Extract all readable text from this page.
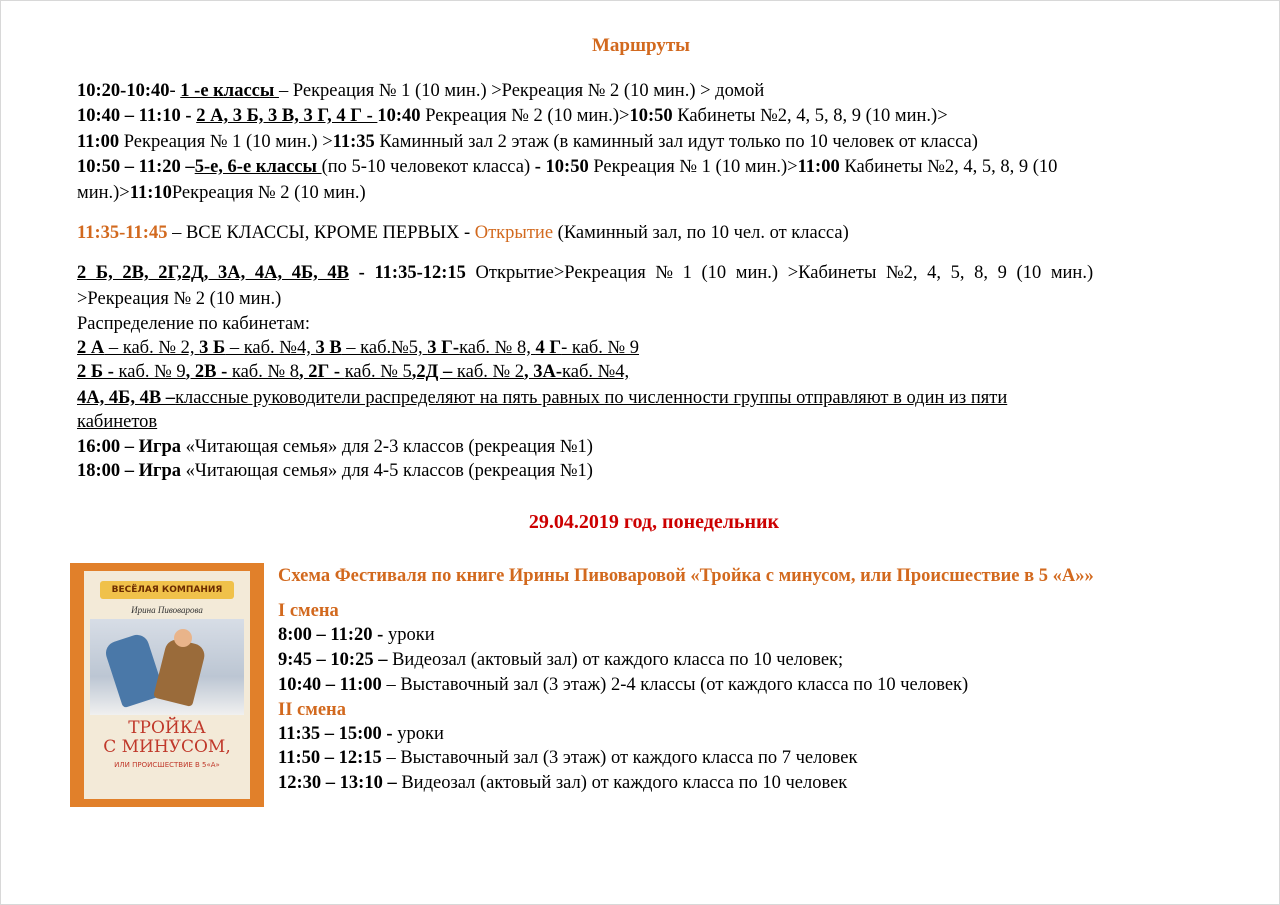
Маршруты
10:20-10:40- 1 -е классы – Рекреация № 1 (10 мин.) >Рекреация № 2 (10 мин.) > домой
10:40 – 11:10 - 2 А, 3 Б, 3 В, 3 Г, 4 Г - 10:40 Рекреация № 2 (10 мин.)>10:50 Кабинеты №2, 4, 5, 8, 9 (10 мин.)>
11:00 Рекреация № 1 (10 мин.) >11:35 Каминный зал 2 этаж (в каминный зал идут только по 10 человек от класса)
10:50 – 11:20 –5-е, 6-е классы (по 5-10 человекот класса) - 10:50 Рекреация № 1 (10 мин.)>11:00 Кабинеты №2, 4, 5, 8, 9 (10
мин.)>11:10Рекреация № 2 (10 мин.)
11:35-11:45 – ВСЕ КЛАССЫ, КРОМЕ ПЕРВЫХ - Открытие (Каминный зал, по 10 чел. от класса)
2 Б, 2В, 2Г,2Д, 3А, 4А, 4Б, 4В - 11:35-12:15 Открытие>Рекреация № 1 (10 мин.) >Кабинеты №2, 4, 5, 8, 9 (10 мин.)
>Рекреация № 2 (10 мин.)
Распределение по кабинетам:
2 А – каб. № 2, 3 Б – каб. №4, 3 В – каб.№5, 3 Г-каб. № 8, 4 Г- каб. № 9
2 Б - каб. № 9, 2В - каб. № 8, 2Г - каб. № 5,2Д – каб. № 2, 3А-каб. №4,
4А, 4Б, 4В –классные руководители распределяют на пять равных по численности группы отправляют в один из пяти
кабинетов
16:00 – Игра «Читающая семья» для 2-3 классов (рекреация №1)
18:00 – Игра «Читающая семья» для 4-5 классов (рекреация №1)
29.04.2019 год, понедельник
ВЕСЁЛАЯ КОМПАНИЯ
Ирина Пивоварова
ТРОЙКА
С МИНУСОМ,
ИЛИ ПРОИСШЕСТВИЕ В 5«А»
Схема Фестиваля по книге Ирины Пивоваровой «Тройка с минусом, или Происшествие в 5 «А»»
I смена
8:00 – 11:20 - уроки
9:45 – 10:25 – Видеозал (актовый зал) от каждого класса по 10 человек;
10:40 – 11:00 – Выставочный зал (3 этаж) 2-4 классы (от каждого класса по 10 человек)
II смена
11:35 – 15:00 - уроки
11:50 – 12:15 – Выставочный зал (3 этаж) от каждого класса по 7 человек
12:30 – 13:10 – Видеозал (актовый зал) от каждого класса по 10 человек
